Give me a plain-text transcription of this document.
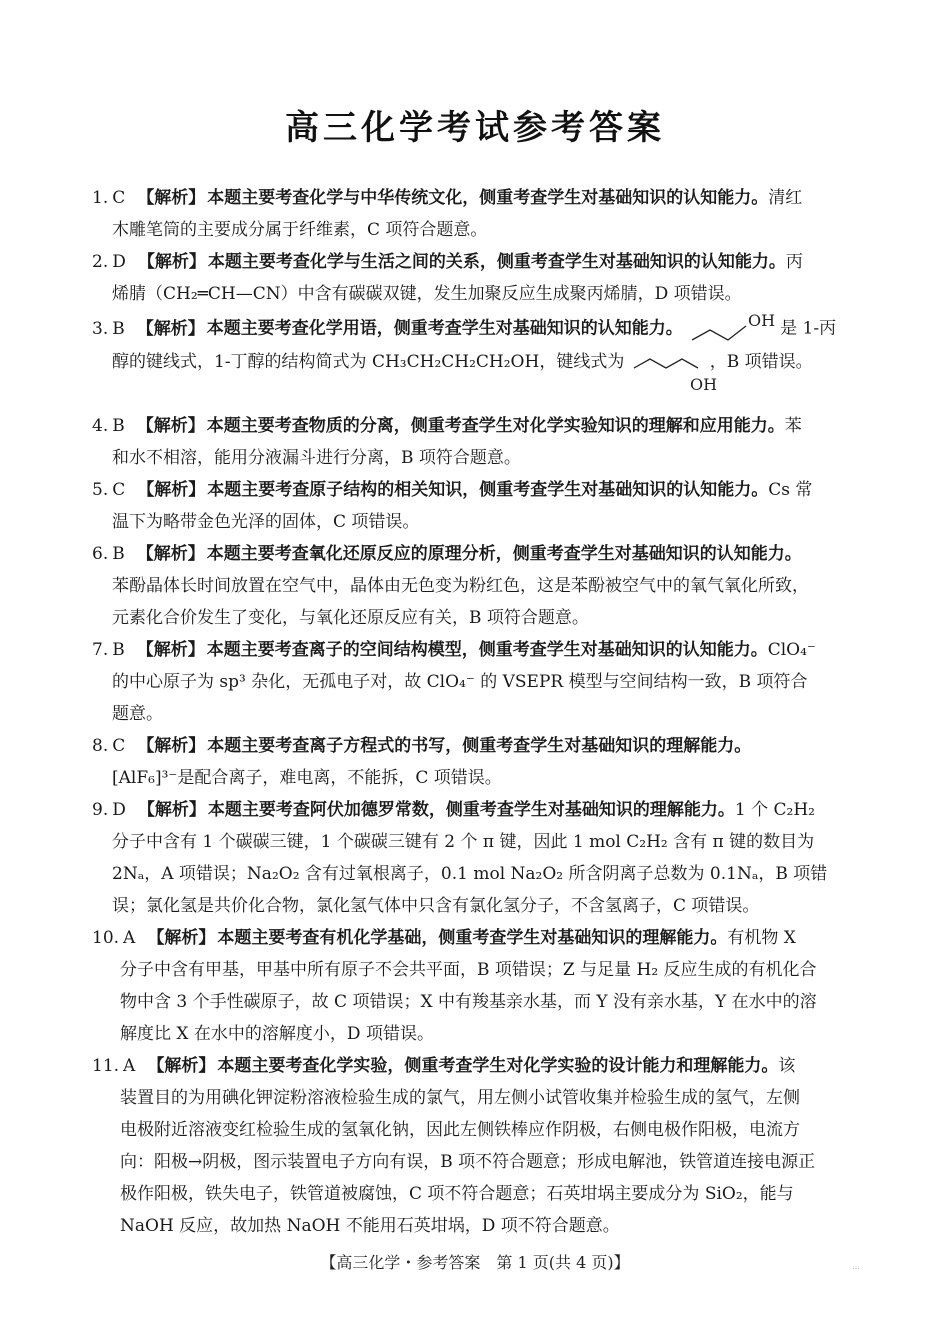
高三化学考试参考答案
1. C 【解析】 本题主要考查化学与中华传统文化，侧重考查学生对基础知识的认知能力。清红
木雕笔筒的主要成分属于纤维素，C 项符合题意。
2. D 【解析】 本题主要考查化学与生活之间的关系，侧重考查学生对基础知识的认知能力。丙
烯腈（CH₂═CH—CN）中含有碳碳双键，发生加聚反应生成聚丙烯腈，D 项错误。
3. B 【解析】 本题主要考查化学用语，侧重考查学生对基础知识的认知能力。	OH 是 1-丙
醇的键线式，1-丁醇的结构简式为 CH₃CH₂CH₂CH₂OH，键线式为
OH
，B 项错误。
4. B 【解析】 本题主要考查物质的分离，侧重考查学生对化学实验知识的理解和应用能力。苯
和水不相溶，能用分液漏斗进行分离，B 项符合题意。
5. C 【解析】 本题主要考查原子结构的相关知识，侧重考查学生对基础知识的认知能力。Cs 常
温下为略带金色光泽的固体，C 项错误。
6. B 【解析】 本题主要考查氧化还原反应的原理分析，侧重考查学生对基础知识的认知能力。
苯酚晶体长时间放置在空气中，晶体由无色变为粉红色，这是苯酚被空气中的氧气氧化所致，
元素化合价发生了变化，与氧化还原反应有关，B 项符合题意。
7. B 【解析】 本题主要考查离子的空间结构模型，侧重考查学生对基础知识的认知能力。ClO₄⁻
的中心原子为 sp³ 杂化，无孤电子对，故 ClO₄⁻ 的 VSEPR 模型与空间结构一致，B 项符合
题意。
8. C 【解析】 本题主要考查离子方程式的书写，侧重考查学生对基础知识的理解能力。
[AlF₆]³⁻是配合离子，难电离，不能拆，C 项错误。
9. D 【解析】 本题主要考查阿伏加德罗常数，侧重考查学生对基础知识的理解能力。1 个 C₂H₂
分子中含有 1 个碳碳三键，1 个碳碳三键有 2 个 π 键，因此 1 mol C₂H₂ 含有 π 键的数目为
2Nₐ，A 项错误；Na₂O₂ 含有过氧根离子，0.1 mol Na₂O₂ 所含阴离子总数为 0.1Nₐ，B 项错
误；氯化氢是共价化合物，氯化氢气体中只含有氯化氢分子，不含氢离子，C 项错误。
10. A 【解析】 本题主要考查有机化学基础，侧重考查学生对基础知识的理解能力。有机物 X
分子中含有甲基，甲基中所有原子不会共平面，B 项错误；Z 与足量 H₂ 反应生成的有机化合
物中含 3 个手性碳原子，故 C 项错误；X 中有羧基亲水基，而 Y 没有亲水基，Y 在水中的溶
解度比 X 在水中的溶解度小，D 项错误。
11. A 【解析】 本题主要考查化学实验，侧重考查学生对化学实验的设计能力和理解能力。该
装置目的为用碘化钾淀粉溶液检验生成的氯气，用左侧小试管收集并检验生成的氢气，左侧
电极附近溶液变红检验生成的氢氧化钠，因此左侧铁棒应作阴极，右侧电极作阳极，电流方
向：阳极→阴极，图示装置电子方向有误，B 项不符合题意；形成电解池，铁管道连接电源正
极作阳极，铁失电子，铁管道被腐蚀，C 项不符合题意；石英坩埚主要成分为 SiO₂，能与
NaOH 反应，故加热 NaOH 不能用石英坩埚，D 项不符合题意。
【高三化学・参考答案　第 1 页(共 4 页)】	…
